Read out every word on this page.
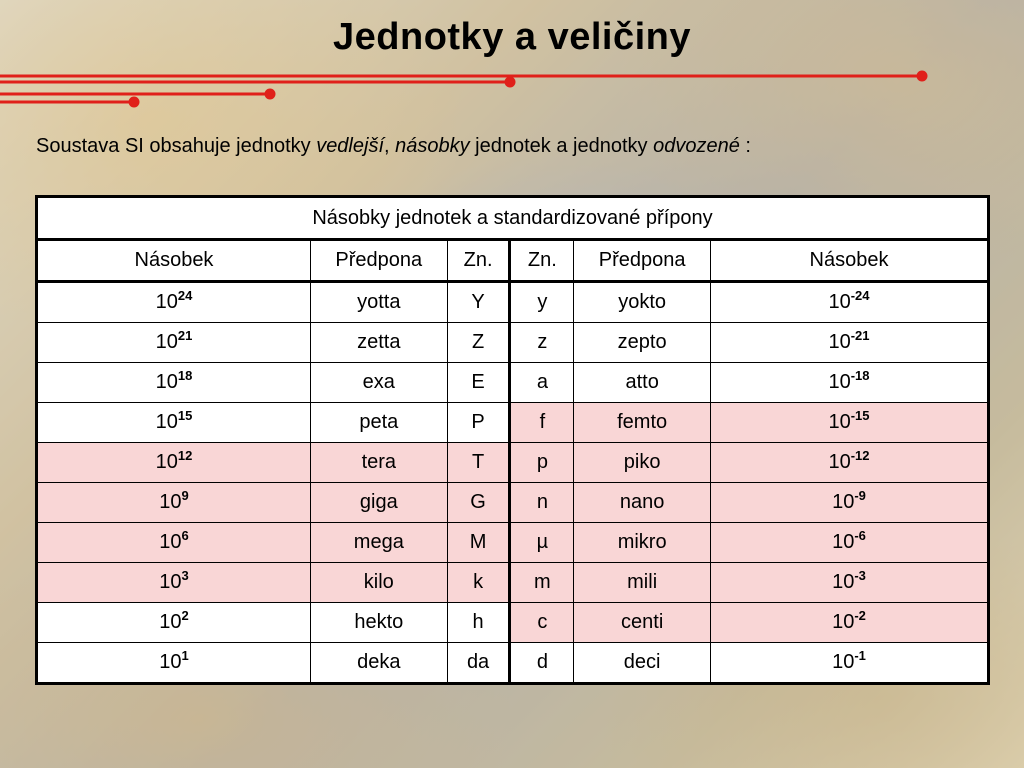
Jednotky a veličiny
Soustava SI obsahuje jednotky vedlejší, násobky jednotek a jednotky odvozené :
Násobky jednotek a standardizované přípony					
Násobek	Předpona	Zn.	Zn.	Předpona	Násobek
$10^{24}$	yotta	Y	y	yokto	$10^{-24}$
$10^{21}$	zetta	Z	z	zepto	$10^{-21}$
$10^{18}$	exa	E	a	atto	$10^{-18}$
$10^{15}$	peta	P	f	femto	$10^{-15}$
$10^{12}$	tera	T	p	piko	$10^{-12}$
$10^9$	giga	G	n	nano	$10^{-9}$
$10^6$	mega	M	µ	mikro	$10^{-6}$
$10^3$	kilo	k	m	mili	$10^{-3}$
$10^2$	hekto	h	c	centi	$10^{-2}$
$10^1$	deka	da	d	deci	$10^{-1}$
